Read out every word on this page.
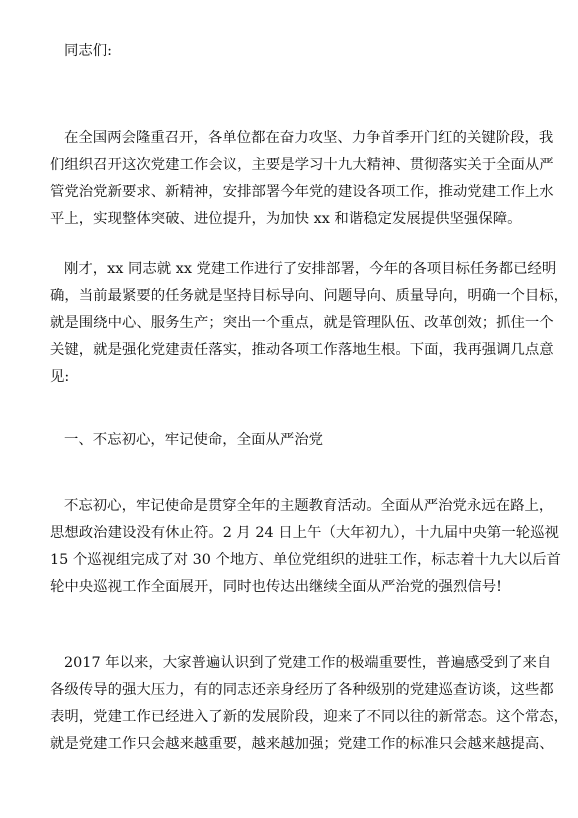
同志们:

在全国两会隆重召开，各单位都在奋力攻坚、力争首季开门红的关键阶段，我
们组织召开这次党建工作会议，主要是学习十九大精神、贯彻落实关于全面从严
管党治党新要求、新精神，安排部署今年党的建设各项工作，推动党建工作上水
平上，实现整体突破、进位提升，为加快 xx 和谐稳定发展提供坚强保障。

刚才，xx 同志就 xx 党建工作进行了安排部署，今年的各项目标任务都已经明
确，当前最紧要的任务就是坚持目标导向、问题导向、质量导向，明确一个目标，
就是围绕中心、服务生产；突出一个重点，就是管理队伍、改革创效；抓住一个
关键，就是强化党建责任落实，推动各项工作落地生根。下面，我再强调几点意
见:

一、不忘初心，牢记使命，全面从严治党

不忘初心，牢记使命是贯穿全年的主题教育活动。全面从严治党永远在路上，
思想政治建设没有休止符。2 月 24 日上午（大年初九），十九届中央第一轮巡视
15 个巡视组完成了对 30 个地方、单位党组织的进驻工作，标志着十九大以后首
轮中央巡视工作全面展开，同时也传达出继续全面从严治党的强烈信号!

2017 年以来，大家普遍认识到了党建工作的极端重要性，普遍感受到了来自
各级传导的强大压力，有的同志还亲身经历了各种级别的党建巡查访谈，这些都
表明，党建工作已经进入了新的发展阶段，迎来了不同以往的新常态。这个常态，
就是党建工作只会越来越重要，越来越加强；党建工作的标准只会越来越提高、
